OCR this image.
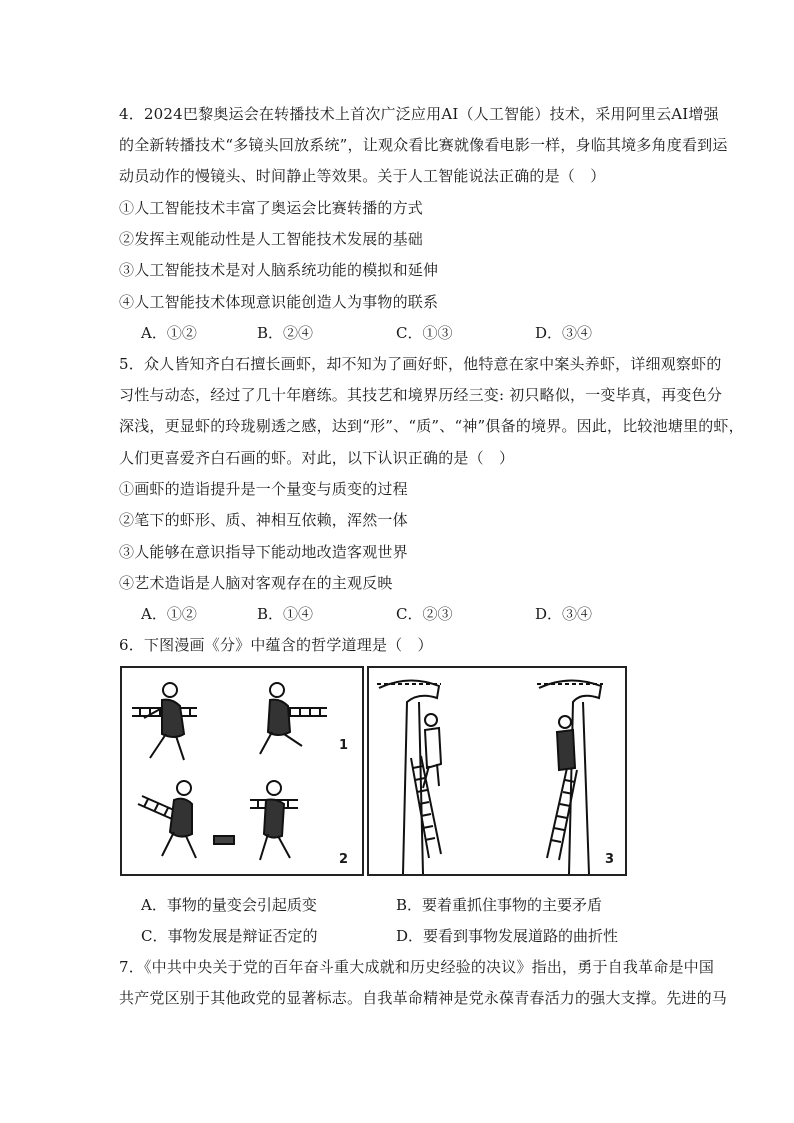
4．2024巴黎奥运会在转播技术上首次广泛应用AI（人工智能）技术，采用阿里云AI增强
的全新转播技术“多镜头回放系统”，让观众看比赛就像看电影一样，身临其境多角度看到运
动员动作的慢镜头、时间静止等效果。关于人工智能说法正确的是（　）
①人工智能技术丰富了奥运会比赛转播的方式
②发挥主观能动性是人工智能技术发展的基础
③人工智能技术是对人脑系统功能的模拟和延伸
④人工智能技术体现意识能创造人为事物的联系
A．①②	B．②④	C．①③	D．③④
5．众人皆知齐白石擅长画虾，却不知为了画好虾，他特意在家中案头养虾，详细观察虾的
习性与动态，经过了几十年磨练。其技艺和境界历经三变: 初只略似，一变毕真，再变色分
深浅，更显虾的玲珑剔透之感，达到“形”、“质”、“神”俱备的境界。因此，比较池塘里的虾，
人们更喜爱齐白石画的虾。对此，以下认识正确的是（　）
①画虾的造诣提升是一个量变与质变的过程
②笔下的虾形、质、神相互依赖，浑然一体
③人能够在意识指导下能动地改造客观世界
④艺术造诣是人脑对客观存在的主观反映
A．①②	B．①④	C．②③	D．③④
6．下图漫画《分》中蕴含的哲学道理是（　）
1
2	3
A．事物的量变会引起质变	B．要着重抓住事物的主要矛盾
C．事物发展是辩证否定的	D．要看到事物发展道路的曲折性
7．《中共中央关于党的百年奋斗重大成就和历史经验的决议》指出，勇于自我革命是中国
共产党区别于其他政党的显著标志。自我革命精神是党永葆青春活力的强大支撑。先进的马
